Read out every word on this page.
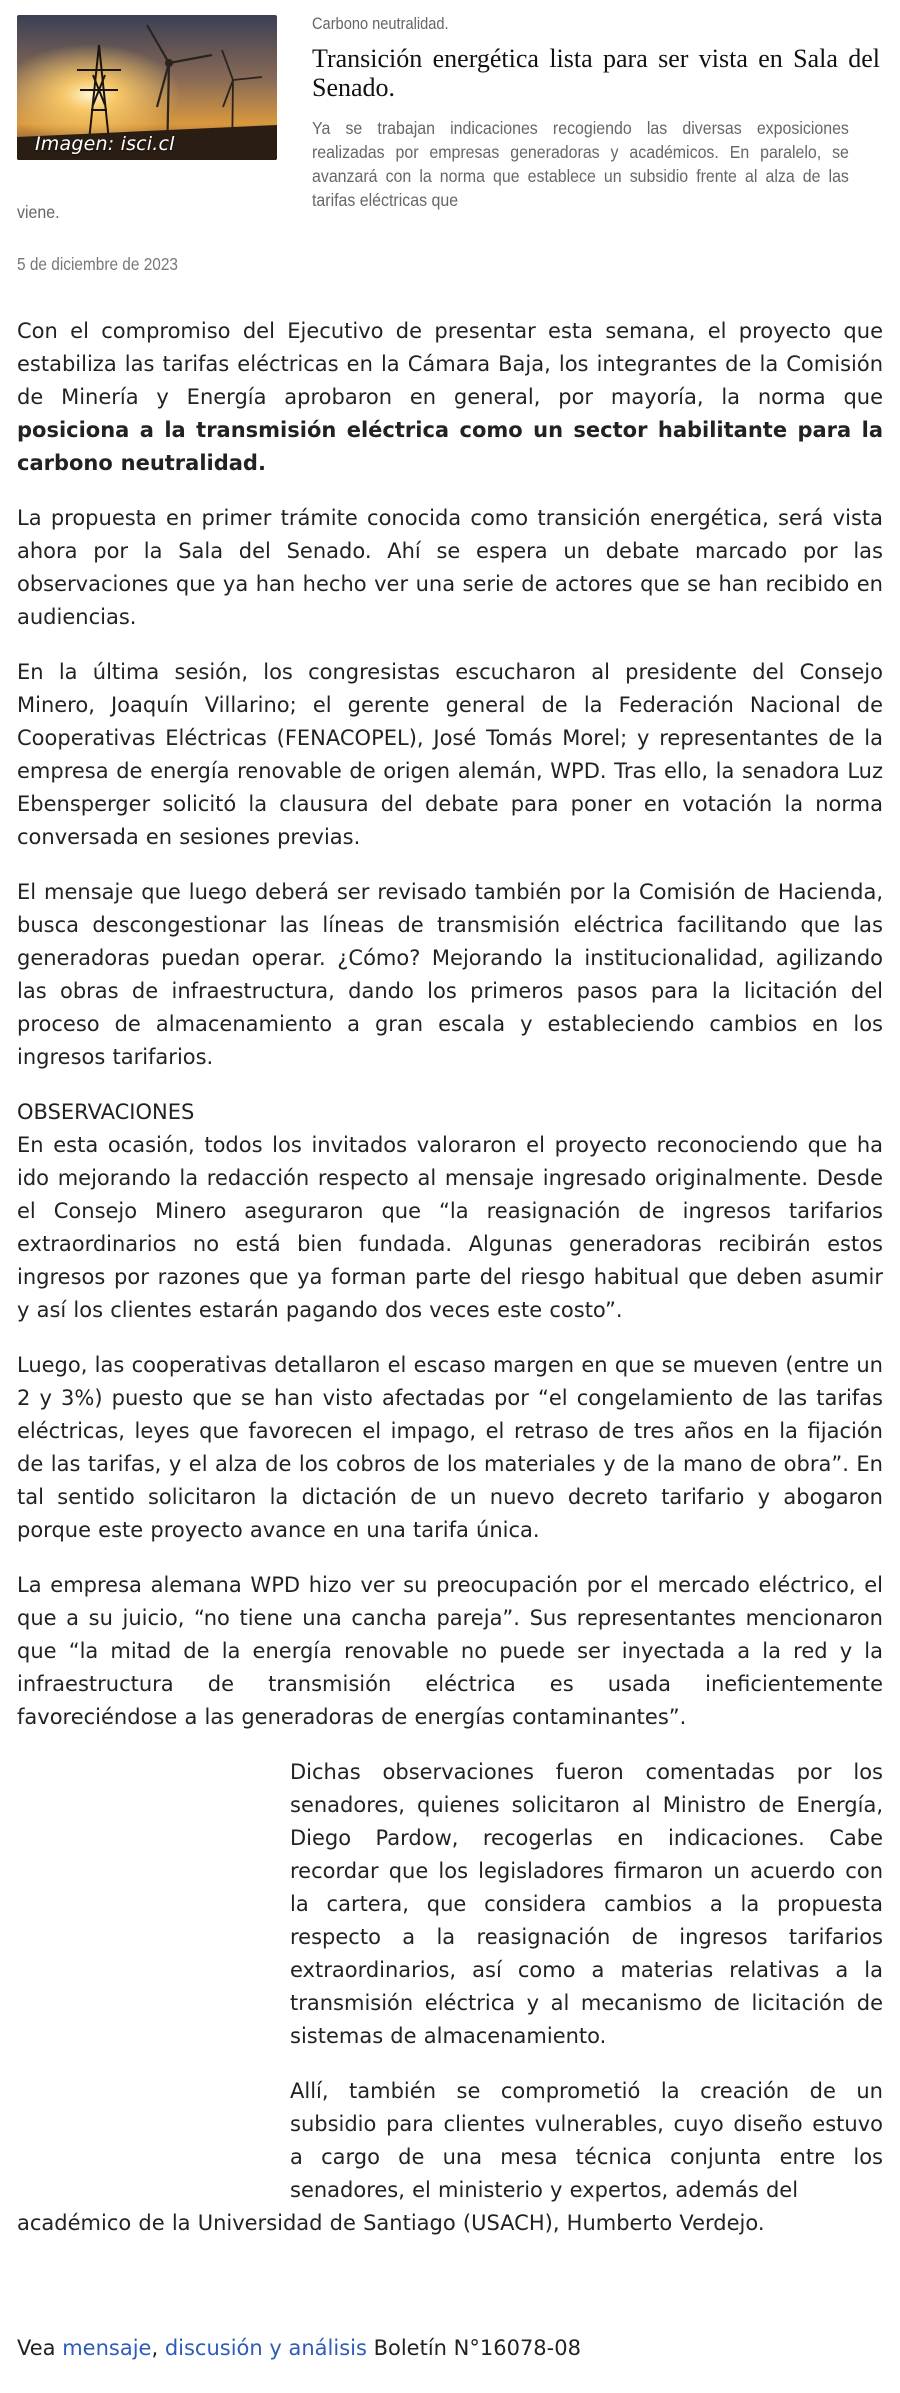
Imagen: isci.cl
Carbono neutralidad.
Transición energética lista para ser vista en Sala del Senado.
Ya se trabajan indicaciones recogiendo las diversas exposiciones realizadas por empresas generadoras y académicos. En paralelo, se avanzará con la norma que establece un subsidio frente al alza de las tarifas eléctricas que
viene.
5 de diciembre de 2023

Con el compromiso del Ejecutivo de presentar esta semana, el proyecto que estabiliza las tarifas eléctricas en la Cámara Baja, los integrantes de la Comisión de Minería y Energía aprobaron en general, por mayoría, la norma que posiciona a la transmisión eléctrica como un sector habilitante para la carbono neutralidad.

La propuesta en primer trámite conocida como transición energética, será vista ahora por la Sala del Senado. Ahí se espera un debate marcado por las observaciones que ya han hecho ver una serie de actores que se han recibido en audiencias.

En la última sesión, los congresistas escucharon al presidente del Consejo Minero, Joaquín Villarino; el gerente general de la Federación Nacional de Cooperativas Eléctricas (FENACOPEL), José Tomás Morel; y representantes de la empresa de energía renovable de origen alemán, WPD. Tras ello, la senadora Luz Ebensperger solicitó la clausura del debate para poner en votación la norma conversada en sesiones previas.

El mensaje que luego deberá ser revisado también por la Comisión de Hacienda, busca descongestionar las líneas de transmisión eléctrica facilitando que las generadoras puedan operar. ¿Cómo? Mejorando la institucionalidad, agilizando las obras de infraestructura, dando los primeros pasos para la licitación del proceso de almacenamiento a gran escala y estableciendo cambios en los ingresos tarifarios.

OBSERVACIONES
En esta ocasión, todos los invitados valoraron el proyecto reconociendo que ha ido mejorando la redacción respecto al mensaje ingresado originalmente. Desde el Consejo Minero aseguraron que “la reasignación de ingresos tarifarios extraordinarios no está bien fundada. Algunas generadoras recibirán estos ingresos por razones que ya forman parte del riesgo habitual que deben asumir y así los clientes estarán pagando dos veces este costo”.

Luego, las cooperativas detallaron el escaso margen en que se mueven (entre un 2 y 3%) puesto que se han visto afectadas por “el congelamiento de las tarifas eléctricas, leyes que favorecen el impago, el retraso de tres años en la fijación de las tarifas, y el alza de los cobros de los materiales y de la mano de obra”. En tal sentido solicitaron la dictación de un nuevo decreto tarifario y abogaron porque este proyecto avance en una tarifa única.

La empresa alemana WPD hizo ver su preocupación por el mercado eléctrico, el que a su juicio, “no tiene una cancha pareja”. Sus representantes mencionaron que “la mitad de la energía renovable no puede ser inyectada a la red y la infraestructura de transmisión eléctrica es usada ineficientemente favoreciéndose a las generadoras de energías contaminantes”.

Dichas observaciones fueron comentadas por los senadores, quienes solicitaron al Ministro de Energía, Diego Pardow, recogerlas en indicaciones. Cabe recordar que los legisladores firmaron un acuerdo con la cartera, que considera cambios a la propuesta respecto a la reasignación de ingresos tarifarios extraordinarios, así como a materias relativas a la transmisión eléctrica y al mecanismo de licitación de sistemas de almacenamiento.

Allí, también se comprometió la creación de un subsidio para clientes vulnerables, cuyo diseño estuvo a cargo de una mesa técnica conjunta entre los senadores, el ministerio y expertos, además del
académico de la Universidad de Santiago (USACH), Humberto Verdejo.

Vea mensaje, discusión y análisis Boletín N°16078-08
